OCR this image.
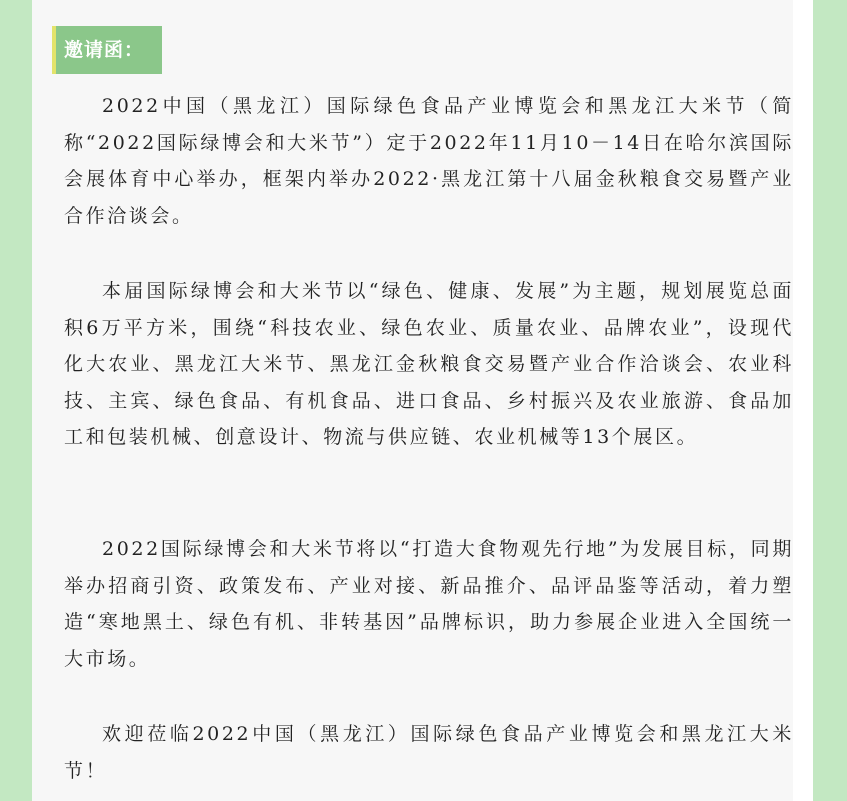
邀请函：

2022中国（黑龙江）国际绿色食品产业博览会和黑龙江大米节（简称“2022国际绿博会和大米节”）定于2022年11月10－14日在哈尔滨国际会展体育中心举办，框架内举办2022·黑龙江第十八届金秋粮食交易暨产业合作洽谈会。

本届国际绿博会和大米节以“绿色、健康、发展”为主题，规划展览总面积6万平方米，围绕“科技农业、绿色农业、质量农业、品牌农业”，设现代化大农业、黑龙江大米节、黑龙江金秋粮食交易暨产业合作洽谈会、农业科技、主宾、绿色食品、有机食品、进口食品、乡村振兴及农业旅游、食品加工和包装机械、创意设计、物流与供应链、农业机械等13个展区。

2022国际绿博会和大米节将以“打造大食物观先行地”为发展目标，同期举办招商引资、政策发布、产业对接、新品推介、品评品鉴等活动，着力塑造“寒地黑土、绿色有机、非转基因”品牌标识，助力参展企业进入全国统一大市场。

欢迎莅临2022中国（黑龙江）国际绿色食品产业博览会和黑龙江大米节！
